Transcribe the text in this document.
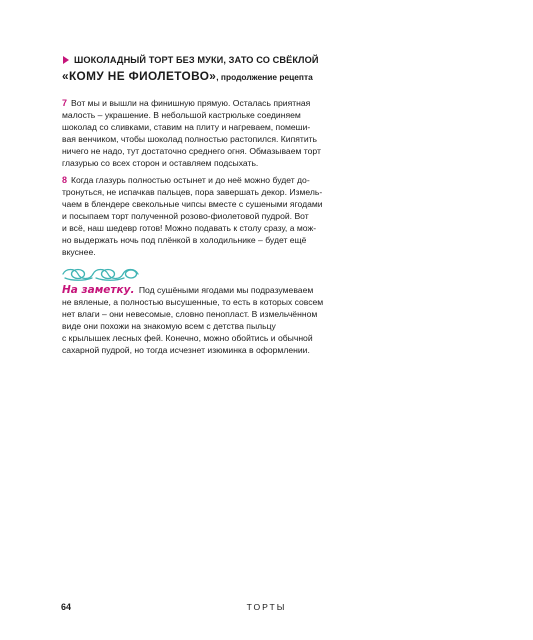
ШОКОЛАДНЫЙ ТОРТ БЕЗ МУКИ, ЗАТО СО СВЁКЛОЙ
«КОМУ НЕ ФИОЛЕТОВО», продолжение рецепта
7 Вот мы и вышли на финишную прямую. Осталась приятная
малость – украшение. В небольшой кастрюльке соединяем
шоколад со сливками, ставим на плиту и нагреваем, помеши-
вая венчиком, чтобы шоколад полностью растопился. Кипятить
ничего не надо, тут достаточно среднего огня. Обмазываем торт
глазурью со всех сторон и оставляем подсыхать.
8 Когда глазурь полностью остынет и до неё можно будет до-
тронуться, не испачкав пальцев, пора завершать декор. Измель-
чаем в блендере свекольные чипсы вместе с сушеными ягодами
и посыпаем торт полученной розово-фиолетовой пудрой. Вот
и всё, наш шедевр готов! Можно подавать к столу сразу, а мож-
но выдержать ночь под плёнкой в холодильнике – будет ещё
вкуснее.
На заметку. Под сушёными ягодами мы подразумеваем
не вяленые, а полностью высушенные, то есть в которых совсем
нет влаги – они невесомые, словно пенопласт. В измельчённом
виде они похожи на знакомую всем с детства пыльцу
с крылышек лесных фей. Конечно, можно обойтись и обычной
сахарной пудрой, но тогда исчезнет изюминка в оформлении.
64	ТОРТЫ
